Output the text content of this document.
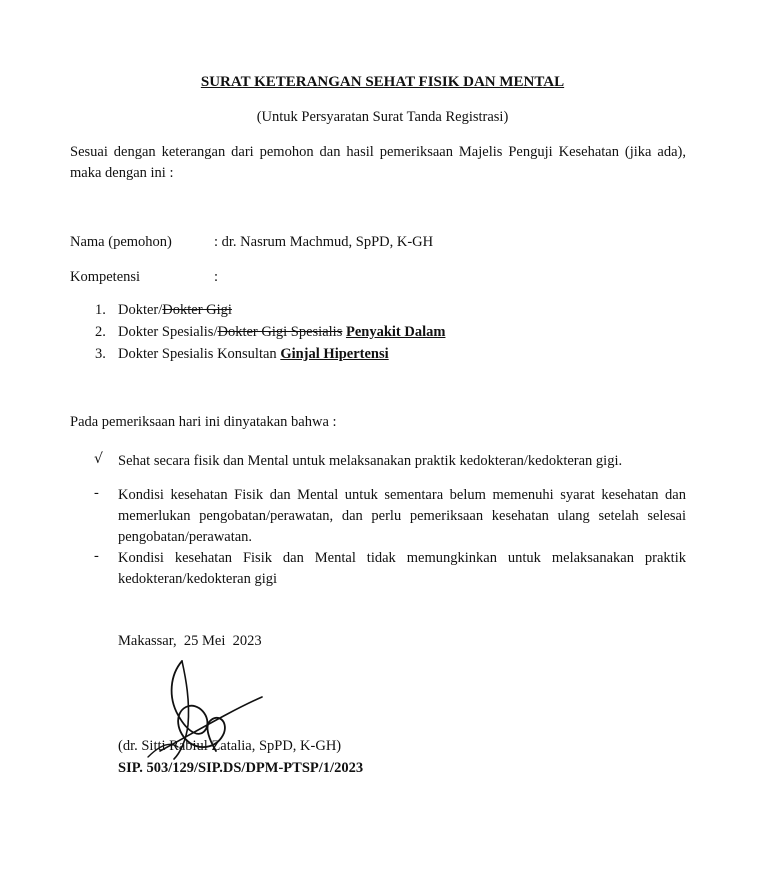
SURAT KETERANGAN SEHAT FISIK DAN MENTAL
(Untuk Persyaratan Surat Tanda Registrasi)
Sesuai dengan keterangan dari pemohon dan hasil pemeriksaan Majelis Penguji Kesehatan (jika ada), maka dengan ini :
Nama (pemohon)	: dr. Nasrum Machmud, SpPD, K-GH
Kompetensi	:
1. Dokter/Dokter Gigi
2. Dokter Spesialis/Dokter Gigi Spesialis Penyakit Dalam
3. Dokter Spesialis Konsultan Ginjal Hipertensi
Pada pemeriksaan hari ini dinyatakan bahwa :
√ Sehat secara fisik dan Mental untuk melaksanakan praktik kedokteran/kedokteran gigi.
- Kondisi kesehatan Fisik dan Mental untuk sementara belum memenuhi syarat kesehatan dan memerlukan pengobatan/perawatan, dan perlu pemeriksaan kesehatan ulang setelah selesai pengobatan/perawatan.
- Kondisi kesehatan Fisik dan Mental tidak memungkinkan untuk melaksanakan praktik kedokteran/kedokteran gigi
Makassar,  25 Mei  2023
(dr. Sitti Rabiul Zatalia, SpPD, K-GH)
SIP. 503/129/SIP.DS/DPM-PTSP/1/2023
